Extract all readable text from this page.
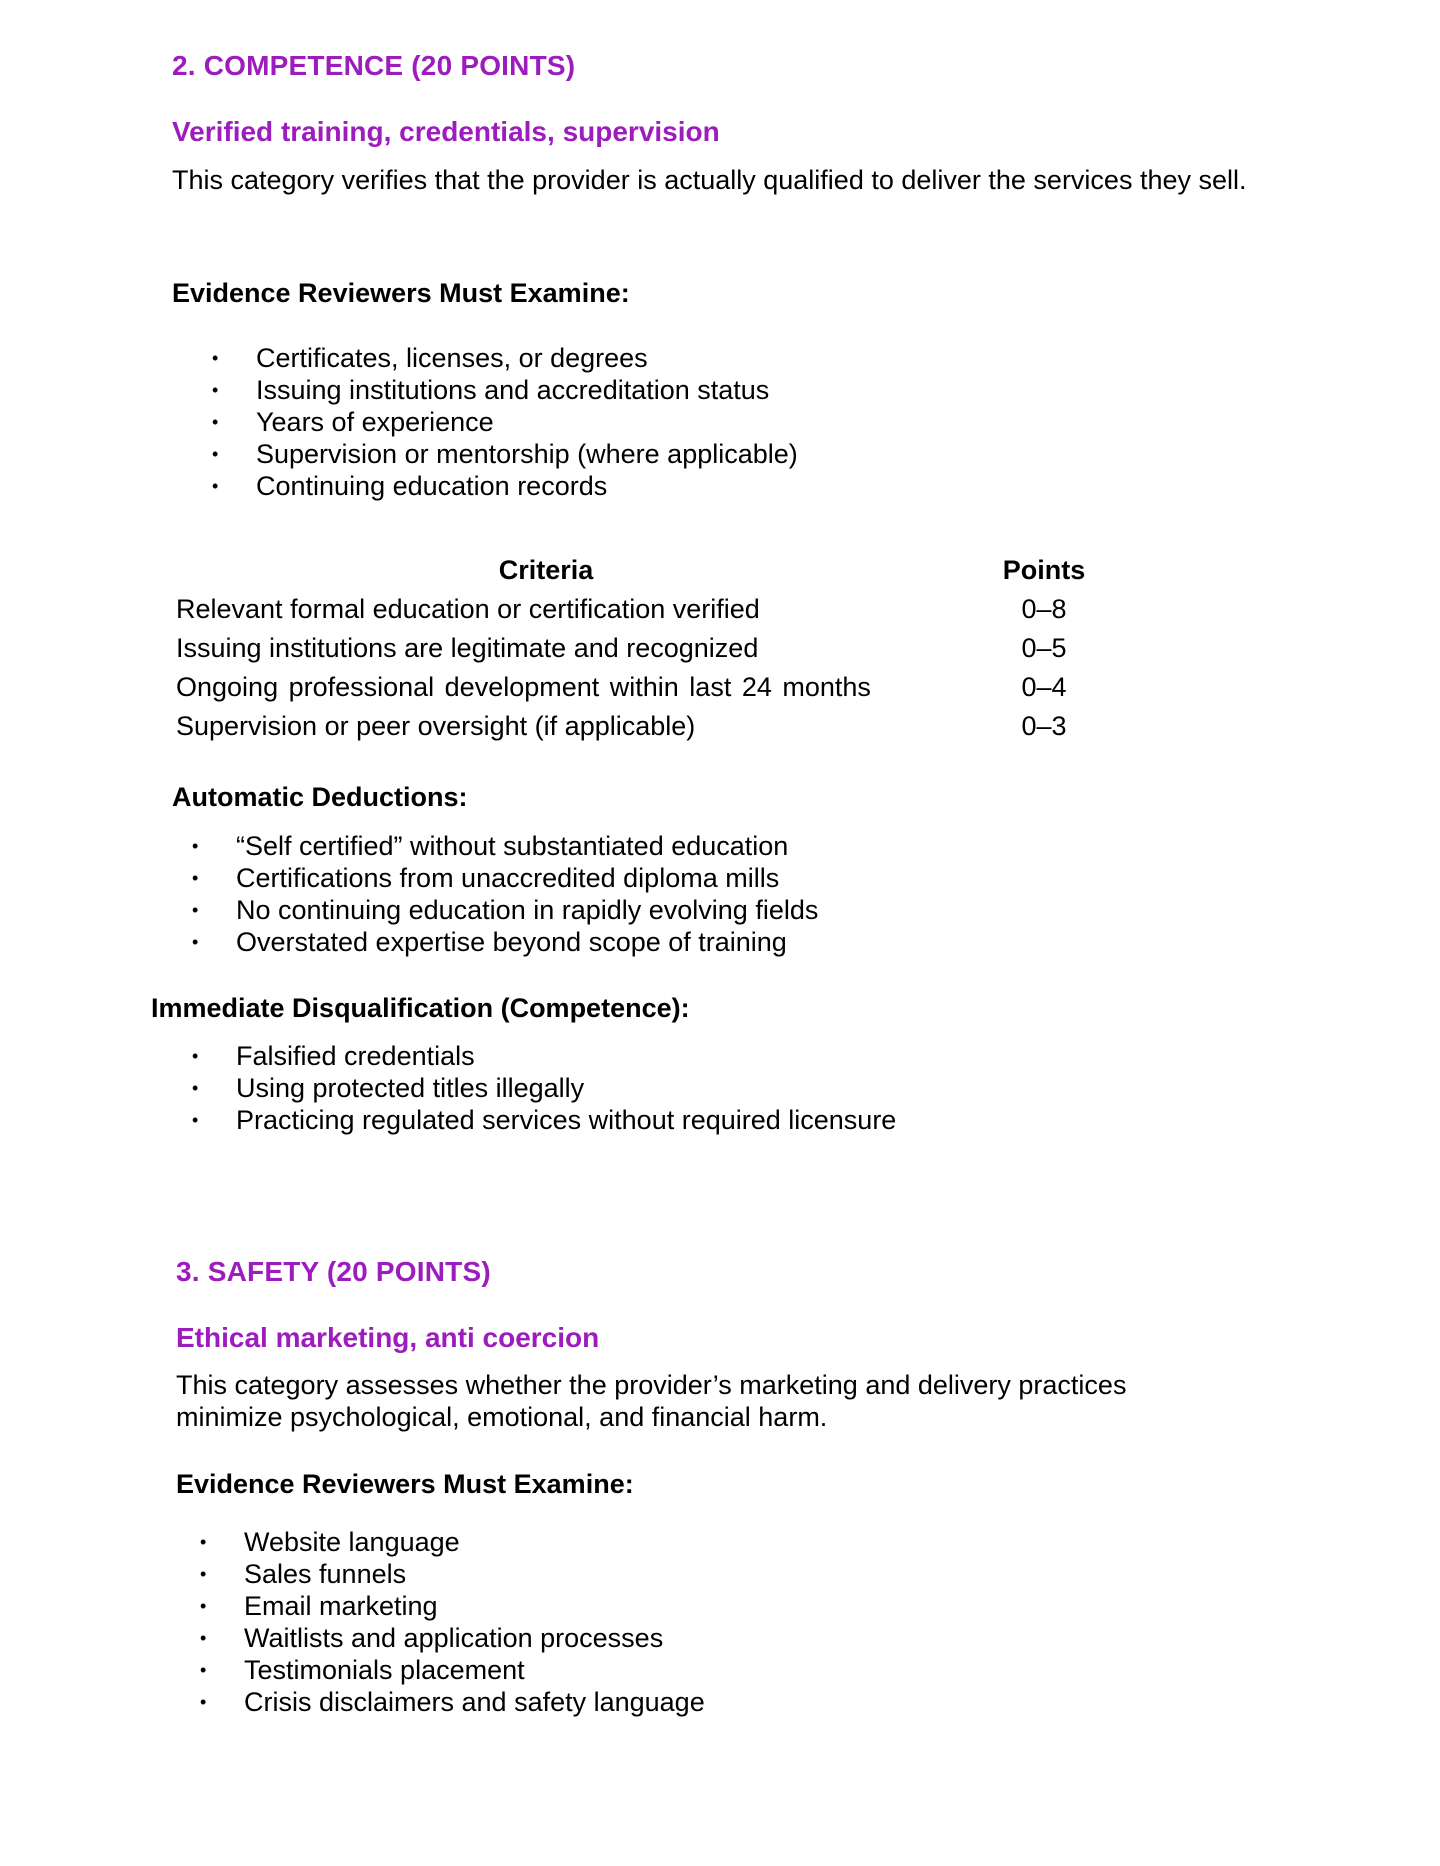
2. COMPETENCE (20 POINTS)
Verified training, credentials, supervision

This category verifies that the provider is actually qualified to deliver the services they sell.

Evidence Reviewers Must Examine:
• Certificates, licenses, or degrees
• Issuing institutions and accreditation status
• Years of experience
• Supervision or mentorship (where applicable)
• Continuing education records
Criteria		Points
Relevant formal education or certification verified		0–8
Issuing institutions are legitimate and recognized		0–5
Ongoing professional development within last 24 months		0–4
Supervision or peer oversight (if applicable)		0–3
Automatic Deductions:
• “Self certified” without substantiated education
• Certifications from unaccredited diploma mills
• No continuing education in rapidly evolving fields
• Overstated expertise beyond scope of training
Immediate Disqualification (Competence):
• Falsified credentials
• Using protected titles illegally
• Practicing regulated services without required licensure
3. SAFETY (20 POINTS)
Ethical marketing, anti coercion

This category assesses whether the provider’s marketing and delivery practices minimize psychological, emotional, and financial harm.

Evidence Reviewers Must Examine:
• Website language
• Sales funnels
• Email marketing
• Waitlists and application processes
• Testimonials placement
• Crisis disclaimers and safety language
